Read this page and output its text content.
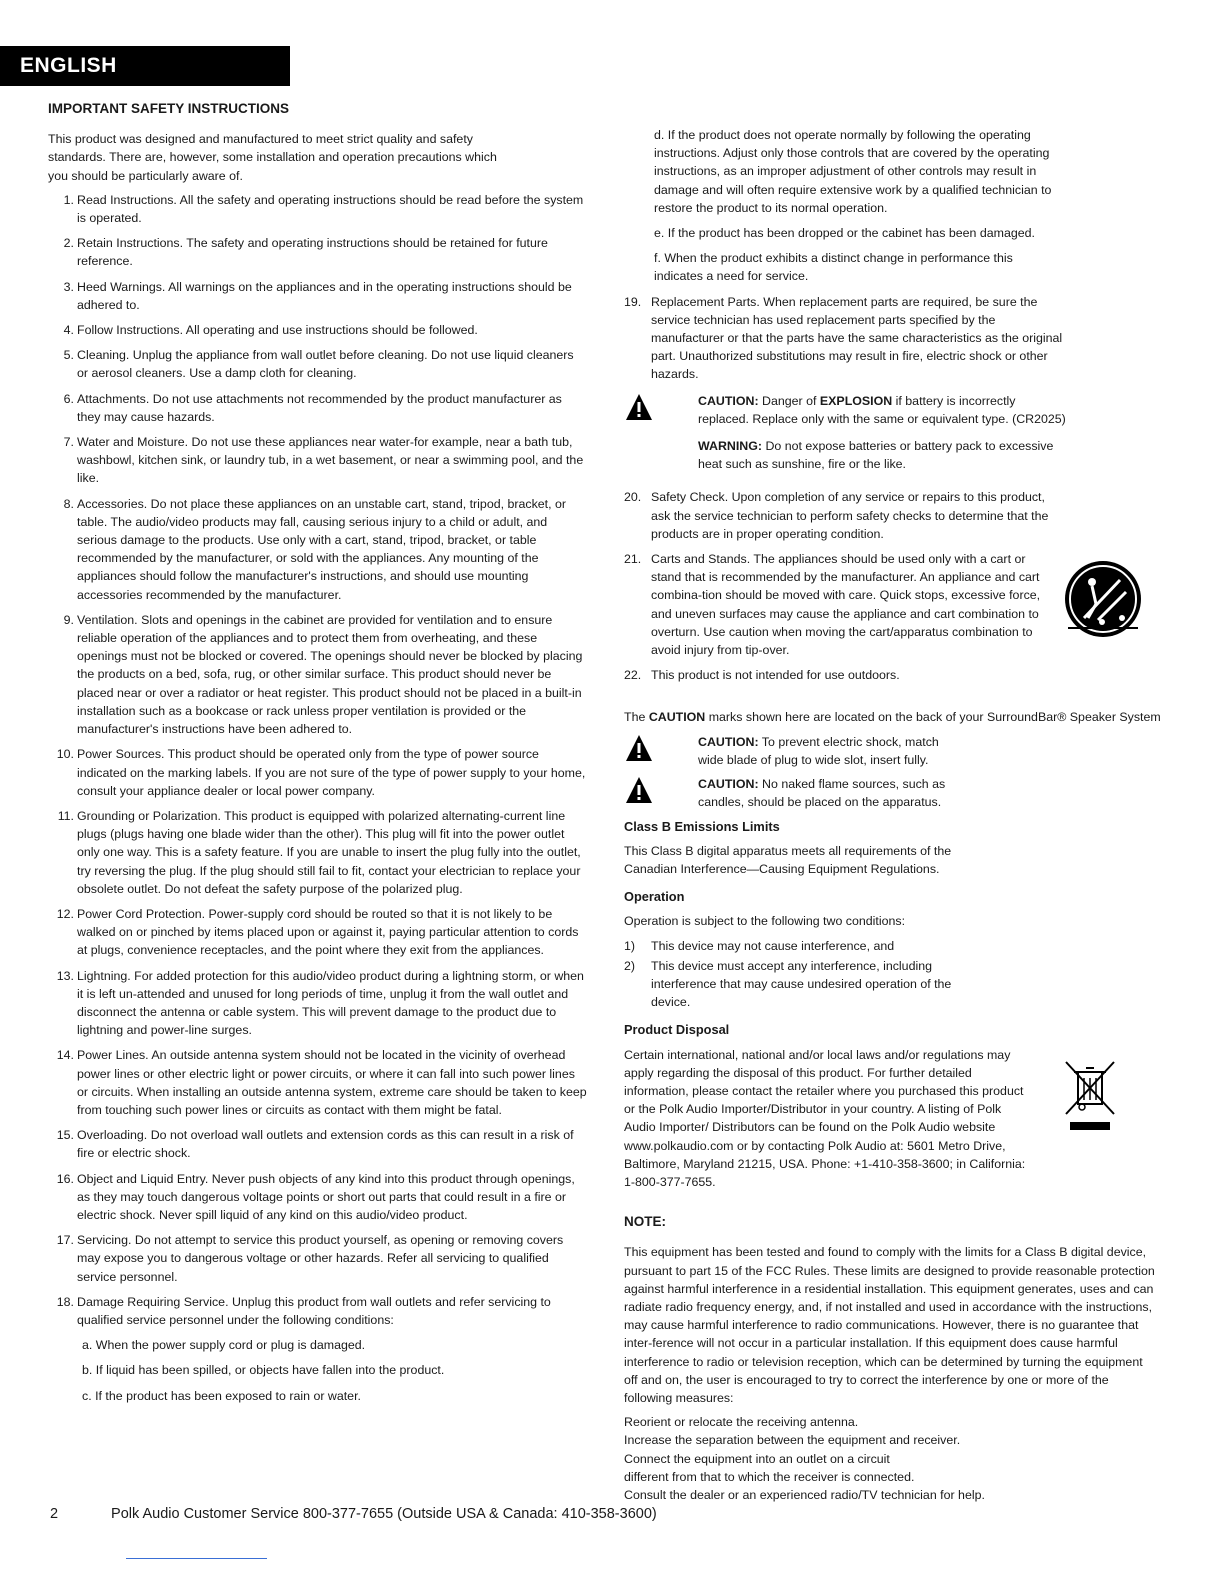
ENGLISH
IMPORTANT SAFETY INSTRUCTIONS
This product was designed and manufactured to meet strict quality and safety standards. There are, however, some installation and operation precautions which you should be particularly aware of.
1. Read Instructions. All the safety and operating instructions should be read before the system is operated.
2. Retain Instructions. The safety and operating instructions should be retained for future reference.
3. Heed Warnings. All warnings on the appliances and in the operating instructions should be adhered to.
4. Follow Instructions. All operating and use instructions should be followed.
5. Cleaning. Unplug the appliance from wall outlet before cleaning. Do not use liquid cleaners or aerosol cleaners. Use a damp cloth for cleaning.
6. Attachments. Do not use attachments not recommended by the product manufacturer as they may cause hazards.
7. Water and Moisture. Do not use these appliances near water-for example, near a bath tub, washbowl, kitchen sink, or laundry tub, in a wet basement, or near a swimming pool, and the like.
8. Accessories. Do not place these appliances on an unstable cart, stand, tripod, bracket, or table. The audio/video products may fall, causing serious injury to a child or adult, and serious damage to the products. Use only with a cart, stand, tripod, bracket, or table recommended by the manufacturer, or sold with the appliances. Any mounting of the appliances should follow the manufacturer's instructions, and should use mounting accessories recommended by the manufacturer.
9. Ventilation. Slots and openings in the cabinet are provided for ventilation and to ensure reliable operation of the appliances and to protect them from overheating, and these openings must not be blocked or covered. The openings should never be blocked by placing the products on a bed, sofa, rug, or other similar surface. This product should never be placed near or over a radiator or heat register. This product should not be placed in a built-in installation such as a bookcase or rack unless proper ventilation is provided or the manufacturer's instructions have been adhered to.
10. Power Sources. This product should be operated only from the type of power source indicated on the marking labels. If you are not sure of the type of power supply to your home, consult your appliance dealer or local power company.
11. Grounding or Polarization. This product is equipped with polarized alternating-current line plugs (plugs having one blade wider than the other). This plug will fit into the power outlet only one way. This is a safety feature. If you are unable to insert the plug fully into the outlet, try reversing the plug. If the plug should still fail to fit, contact your electrician to replace your obsolete outlet. Do not defeat the safety purpose of the polarized plug.
12. Power Cord Protection. Power-supply cord should be routed so that it is not likely to be walked on or pinched by items placed upon or against it, paying particular attention to cords at plugs, convenience receptacles, and the point where they exit from the appliances.
13. Lightning. For added protection for this audio/video product during a lightning storm, or when it is left un-attended and unused for long periods of time, unplug it from the wall outlet and disconnect the antenna or cable system. This will prevent damage to the product due to lightning and power-line surges.
14. Power Lines. An outside antenna system should not be located in the vicinity of overhead power lines or other electric light or power circuits, or where it can fall into such power lines or circuits. When installing an outside antenna system, extreme care should be taken to keep from touching such power lines or circuits as contact with them might be fatal.
15. Overloading. Do not overload wall outlets and extension cords as this can result in a risk of fire or electric shock.
16. Object and Liquid Entry. Never push objects of any kind into this product through openings, as they may touch dangerous voltage points or short out parts that could result in a fire or electric shock. Never spill liquid of any kind on this audio/video product.
17. Servicing. Do not attempt to service this product yourself, as opening or removing covers may expose you to dangerous voltage or other hazards. Refer all servicing to qualified service personnel.
18. Damage Requiring Service. Unplug this product from wall outlets and refer servicing to qualified service personnel under the following conditions:
a. When the power supply cord or plug is damaged.
b. If liquid has been spilled, or objects have fallen into the product.
c. If the product has been exposed to rain or water.
d. If the product does not operate normally by following the operating instructions. Adjust only those controls that are covered by the operating instructions, as an improper adjustment of other controls may result in damage and will often require extensive work by a qualified technician to restore the product to its normal operation.
e. If the product has been dropped or the cabinet has been damaged.
f. When the product exhibits a distinct change in performance this indicates a need for service.
19. Replacement Parts. When replacement parts are required, be sure the service technician has used replacement parts specified by the manufacturer or that the parts have the same characteristics as the original part. Unauthorized substitutions may result in fire, electric shock or other hazards.

CAUTION: Danger of EXPLOSION if battery is incorrectly replaced. Replace only with the same or equivalent type. (CR2025)

WARNING: Do not expose batteries or battery pack to excessive heat such as sunshine, fire or the like.

20. Safety Check. Upon completion of any service or repairs to this product, ask the service technician to perform safety checks to determine that the products are in proper operating condition.
21. Carts and Stands. The appliances should be used only with a cart or stand that is recommended by the manufacturer. An appliance and cart combina-tion should be moved with care. Quick stops, excessive force, and uneven surfaces may cause the appliance and cart combination to overturn. Use caution when moving the cart/apparatus combination to avoid injury from tip-over.
22. This product is not intended for use outdoors.
The CAUTION marks shown here are located on the back of your SurroundBar® Speaker System
CAUTION: To prevent electric shock, match wide blade of plug to wide slot, insert fully.
CAUTION: No naked flame sources, such as candles, should be placed on the apparatus.
Class B Emissions Limits
This Class B digital apparatus meets all requirements of the Canadian Interference—Causing Equipment Regulations.
Operation
Operation is subject to the following two conditions:
1)	This device may not cause interference, and
2)	This device must accept any interference, including interference that may cause undesired operation of the device.
Product Disposal
Certain international, national and/or local laws and/or regulations may apply regarding the disposal of this product. For further detailed information, please contact the retailer where you purchased this product or the Polk Audio Importer/Distributor in your country. A listing of Polk Audio Importer/ Distributors can be found on the Polk Audio website www.polkaudio.com or by contacting Polk Audio at: 5601 Metro Drive, Baltimore, Maryland 21215, USA. Phone: +1-410-358-3600; in California: 1-800-377-7655.
NOTE:
This equipment has been tested and found to comply with the limits for a Class B digital device, pursuant to part 15 of the FCC Rules. These limits are designed to provide reasonable protection against harmful interference in a residential installation. This equipment generates, uses and can radiate radio frequency energy, and, if not installed and used in accordance with the instructions, may cause harmful interference to radio communications. However, there is no guarantee that inter-ference will not occur in a particular installation. If this equipment does cause harmful interference to radio or television reception, which can be determined by turning the equipment off and on, the user is encouraged to try to correct the interference by one or more of the following measures:
Reorient or relocate the receiving antenna.
Increase the separation between the equipment and receiver.
Connect the equipment into an outlet on a circuit different from that to which the receiver is connected.
Consult the dealer or an experienced radio/TV technician for help.
2	Polk Audio Customer Service 800-377-7655 (Outside USA & Canada: 410-358-3600)
